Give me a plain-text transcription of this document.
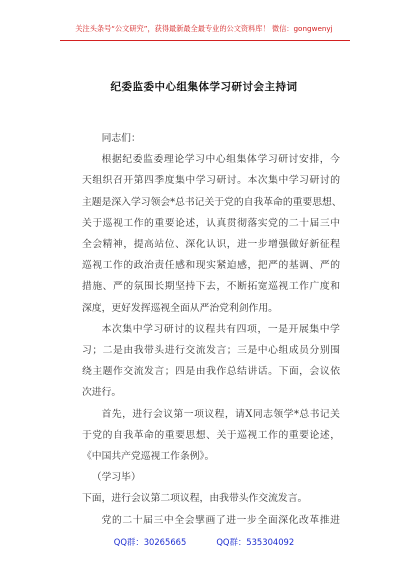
关注头条号“公文研究”，获得最新最全最专业的公文资料库！ 微信：gongwenyj
纪委监委中心组集体学习研讨会主持词
同志们：
根据纪委监委理论学习中心组集体学习研讨安排，今
天组织召开第四季度集中学习研讨。本次集中学习研讨的
主题是深入学习领会*总书记关于党的自我革命的重要思想、
关于巡视工作的重要论述，认真贯彻落实党的二十届三中
全会精神，提高站位、深化认识，进一步增强做好新征程
巡视工作的政治责任感和现实紧迫感，把严的基调、严的
措施、严的氛围长期坚持下去，不断拓宽巡视工作广度和
深度，更好发挥巡视全面从严治党利剑作用。
本次集中学习研讨的议程共有四项，一是开展集中学
习；二是由我带头进行交流发言；三是中心组成员分别围
绕主题作交流发言；四是由我作总结讲话。下面，会议依
次进行。
首先，进行会议第一项议程，请X同志领学*总书记关
于党的自我革命的重要思想、关于巡视工作的重要论述，
《中国共产党巡视工作条例》。
（学习毕）
下面，进行会议第二项议程，由我带头作交流发言。
党的二十届三中全会擘画了进一步全面深化改革推进
QQ群：30265665	QQ群：535304092
